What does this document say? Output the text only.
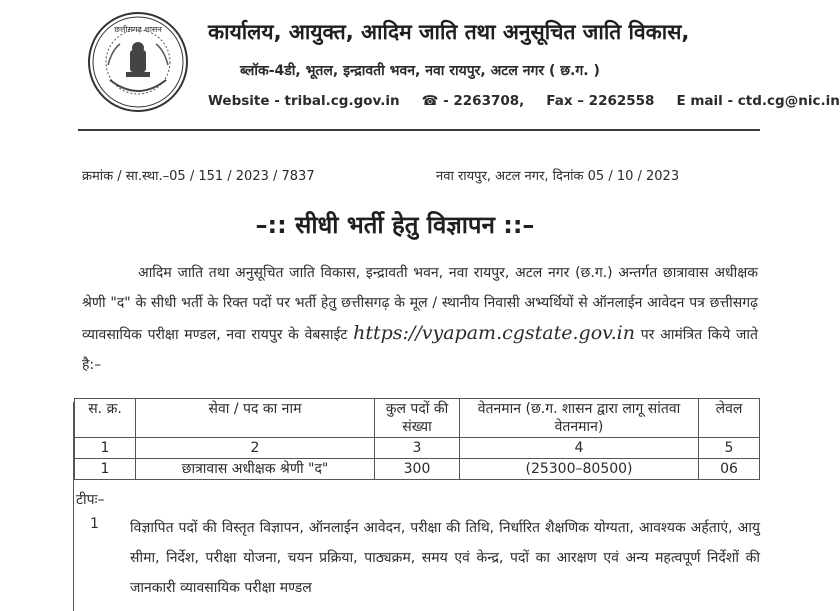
छत्तीसगढ़ शासन कार्यालय, आयुक्त, आदिम जाति तथा अनुसूचित जाति विकास,
ब्लॉक-4डी, भूतल, इन्द्रावती भवन, नवा रायपुर, अटल नगर ( छ.ग. )
Website - tribal.cg.gov.in ☎ - 2263708, Fax – 2262558 E mail - ctd.cg@nic.in
क्रमांक / सा.स्था.–05 / 151 / 2023 / 7837	नवा रायपुर, अटल नगर, दिनांक 05 / 10 / 2023
–:: सीधी भर्ती हेतु विज्ञापन ::–
आदिम जाति तथा अनुसूचित जाति विकास, इन्द्रावती भवन, नवा रायपुर, अटल नगर (छ.ग.) अन्तर्गत छात्रावास अधीक्षक श्रेणी "द" के सीधी भर्ती के रिक्त पदों पर भर्ती हेतु छत्तीसगढ़ के मूल / स्थानीय निवासी अभ्यर्थियों से ऑनलाईन आवेदन पत्र छत्तीसगढ़ व्यावसायिक परीक्षा मण्डल, नवा रायपुर के वेबसाईट https://vyapam.cgstate.gov.in पर आमंत्रित किये जाते है:–
स. क्र.	सेवा / पद का नाम	कुल पदों की संख्या	वेतनमान (छ.ग. शासन द्वारा लागू सांतवा वेतनमान)	लेवल
1	2	3	4	5
1	छात्रावास अधीक्षक श्रेणी "द"	300	(25300–80500)	06
टीपः–
1 विज्ञापित पदों की विस्तृत विज्ञापन, ऑनलाईन आवेदन, परीक्षा की तिथि, निर्धारित शैक्षणिक योग्यता, आवश्यक अर्हताएं, आयु सीमा, निर्देश, परीक्षा योजना, चयन प्रक्रिया, पाठ्यक्रम, समय एवं केन्द्र, पदों का आरक्षण एवं अन्य महत्वपूर्ण निर्देशों की जानकारी व्यावसायिक परीक्षा मण्डल
